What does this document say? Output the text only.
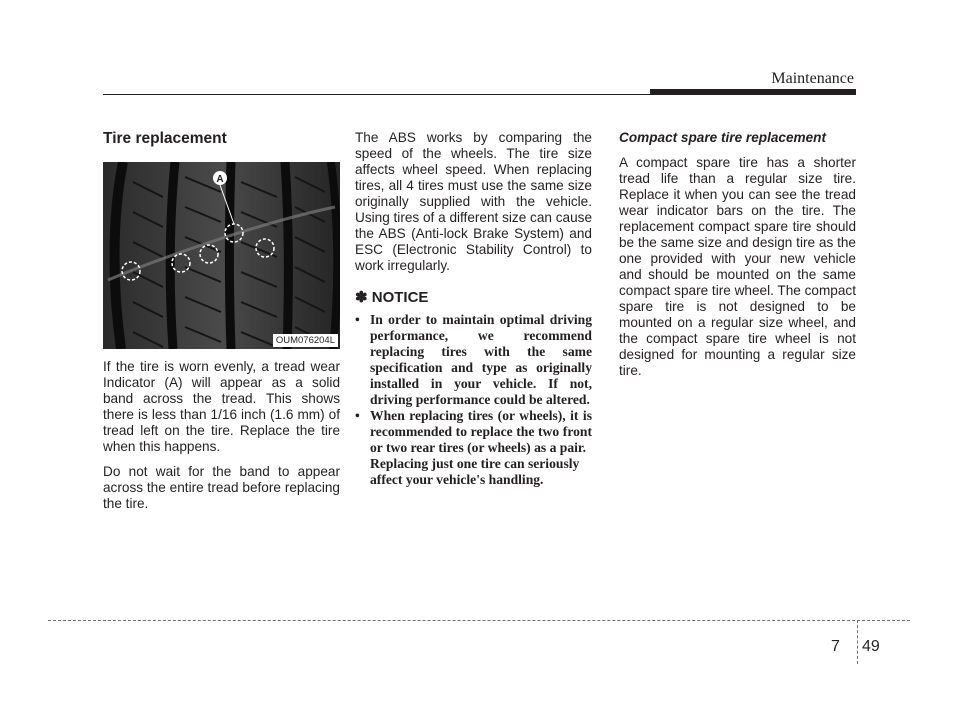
Maintenance
Tire replacement
A
OUM076204L

If the tire is worn evenly, a tread wear Indicator (A) will appear as a solid band across the tread. This shows there is less than 1/16 inch (1.6 mm) of tread left on the tire. Replace the tire when this happens.

Do not wait for the band to appear across the entire tread before replacing the tire.

The ABS works by comparing the speed of the wheels. The tire size affects wheel speed. When replacing tires, all 4 tires must use the same size originally supplied with the vehicle. Using tires of a different size can cause the ABS (Anti-lock Brake System) and ESC (Electronic Stability Control) to work irregularly.

✽ NOTICE
• In order to maintain optimal driving performance, we recommend replacing tires with the same specification and type as originally installed in your vehicle. If not, driving performance could be altered.
• When replacing tires (or wheels), it is recommended to replace the two front or two rear tires (or wheels) as a pair.
Replacing just one tire can seriously affect your vehicle's handling.
Compact spare tire replacement

A compact spare tire has a shorter tread life than a regular size tire. Replace it when you can see the tread wear indicator bars on the tire. The replacement compact spare tire should be the same size and design tire as the one provided with your new vehicle and should be mounted on the same compact spare tire wheel. The compact spare tire is not designed to be mounted on a regular size wheel, and the compact spare tire wheel is not designed for mounting a regular size tire.

7 49
